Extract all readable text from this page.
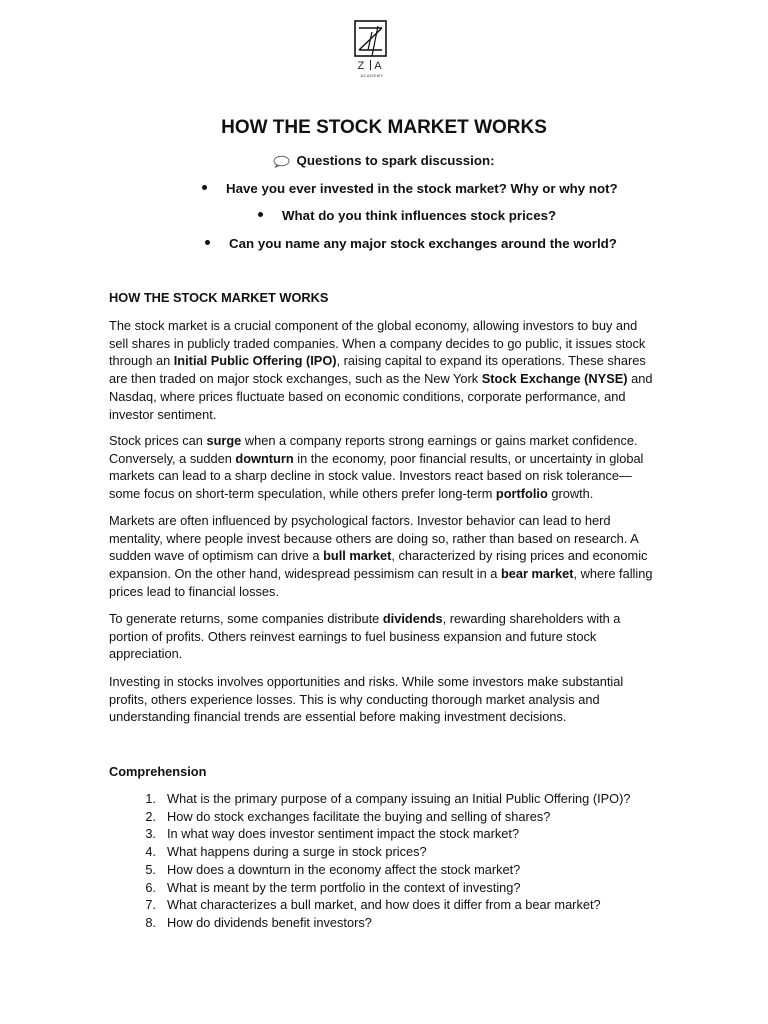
Z A
ACADEMY
HOW THE STOCK MARKET WORKS
Questions to spark discussion:
Have you ever invested in the stock market? Why or why not?
What do you think influences stock prices?
Can you name any major stock exchanges around the world?
HOW THE STOCK MARKET WORKS

The stock market is a crucial component of the global economy, allowing investors to buy and sell shares in publicly traded companies. When a company decides to go public, it issues stock through an Initial Public Offering (IPO), raising capital to expand its operations. These shares are then traded on major stock exchanges, such as the New York Stock Exchange (NYSE) and Nasdaq, where prices fluctuate based on economic conditions, corporate performance, and investor sentiment.

Stock prices can surge when a company reports strong earnings or gains market confidence. Conversely, a sudden downturn in the economy, poor financial results, or uncertainty in global markets can lead to a sharp decline in stock value. Investors react based on risk tolerance—some focus on short-term speculation, while others prefer long-term portfolio growth.

Markets are often influenced by psychological factors. Investor behavior can lead to herd mentality, where people invest because others are doing so, rather than based on research. A sudden wave of optimism can drive a bull market, characterized by rising prices and economic expansion. On the other hand, widespread pessimism can result in a bear market, where falling prices lead to financial losses.

To generate returns, some companies distribute dividends, rewarding shareholders with a portion of profits. Others reinvest earnings to fuel business expansion and future stock appreciation.

Investing in stocks involves opportunities and risks. While some investors make substantial profits, others experience losses. This is why conducting thorough market analysis and understanding financial trends are essential before making investment decisions.

Comprehension
1. What is the primary purpose of a company issuing an Initial Public Offering (IPO)?
2. How do stock exchanges facilitate the buying and selling of shares?
3. In what way does investor sentiment impact the stock market?
4. What happens during a surge in stock prices?
5. How does a downturn in the economy affect the stock market?
6. What is meant by the term portfolio in the context of investing?
7. What characterizes a bull market, and how does it differ from a bear market?
8. How do dividends benefit investors?
